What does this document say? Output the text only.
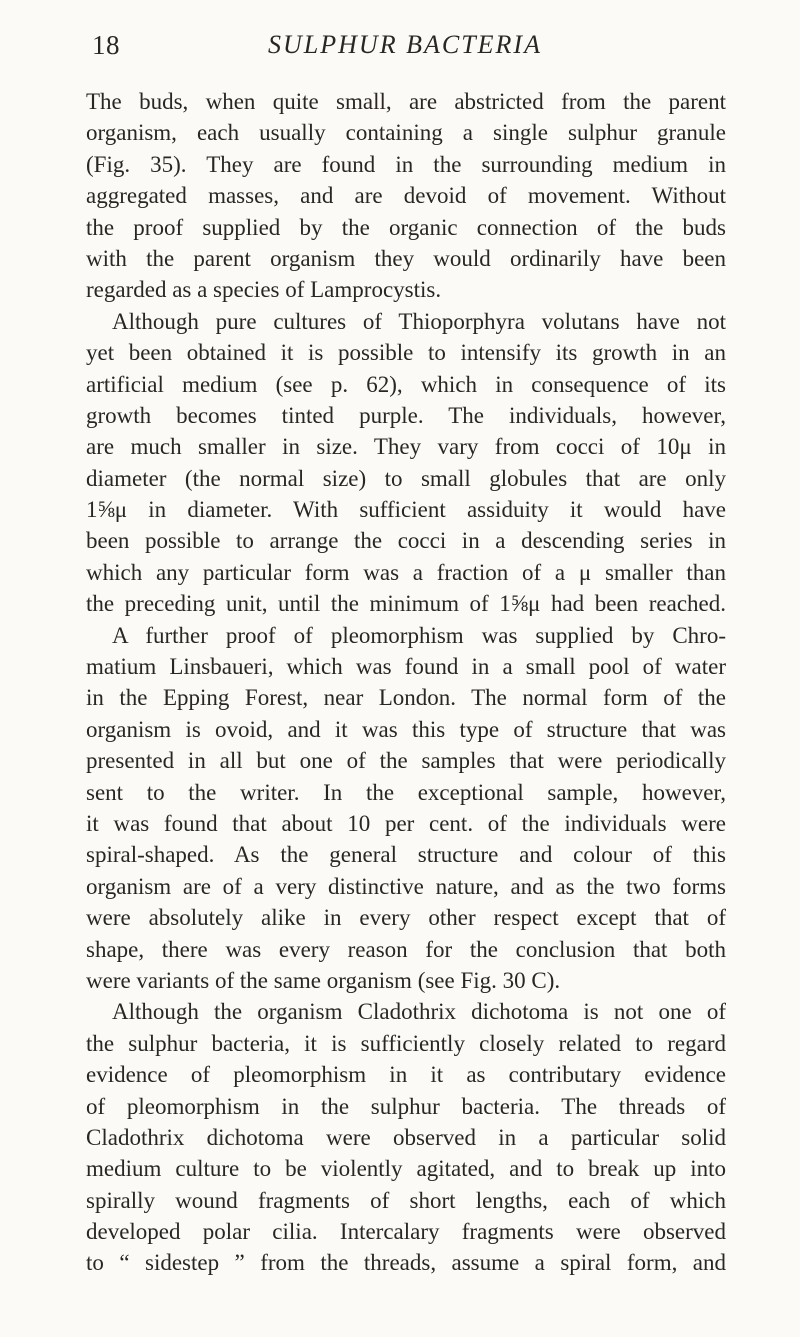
18	SULPHUR BACTERIA

The buds, when quite small, are abstricted from the parent
organism, each usually containing a single sulphur granule
(Fig. 35). They are found in the surrounding medium in
aggregated masses, and are devoid of movement. Without
the proof supplied by the organic connection of the buds
with the parent organism they would ordinarily have been
regarded as a species of Lamprocystis.

Although pure cultures of Thioporphyra volutans have not
yet been obtained it is possible to intensify its growth in an
artificial medium (see p. 62), which in consequence of its
growth becomes tinted purple. The individuals, however,
are much smaller in size. They vary from cocci of 10μ in
diameter (the normal size) to small globules that are only
1⅝μ in diameter. With sufficient assiduity it would have
been possible to arrange the cocci in a descending series in
which any particular form was a fraction of a μ smaller than
the preceding unit, until the minimum of 1⅝μ had been reached.

A further proof of pleomorphism was supplied by Chro-
matium Linsbaueri, which was found in a small pool of water
in the Epping Forest, near London. The normal form of the
organism is ovoid, and it was this type of structure that was
presented in all but one of the samples that were periodically
sent to the writer. In the exceptional sample, however,
it was found that about 10 per cent. of the individuals were
spiral-shaped. As the general structure and colour of this
organism are of a very distinctive nature, and as the two forms
were absolutely alike in every other respect except that of
shape, there was every reason for the conclusion that both
were variants of the same organism (see Fig. 30 C).

Although the organism Cladothrix dichotoma is not one of
the sulphur bacteria, it is sufficiently closely related to regard
evidence of pleomorphism in it as contributary evidence
of pleomorphism in the sulphur bacteria. The threads of
Cladothrix dichotoma were observed in a particular solid
medium culture to be violently agitated, and to break up into
spirally wound fragments of short lengths, each of which
developed polar cilia. Intercalary fragments were observed
to “ sidestep ” from the threads, assume a spiral form, and
